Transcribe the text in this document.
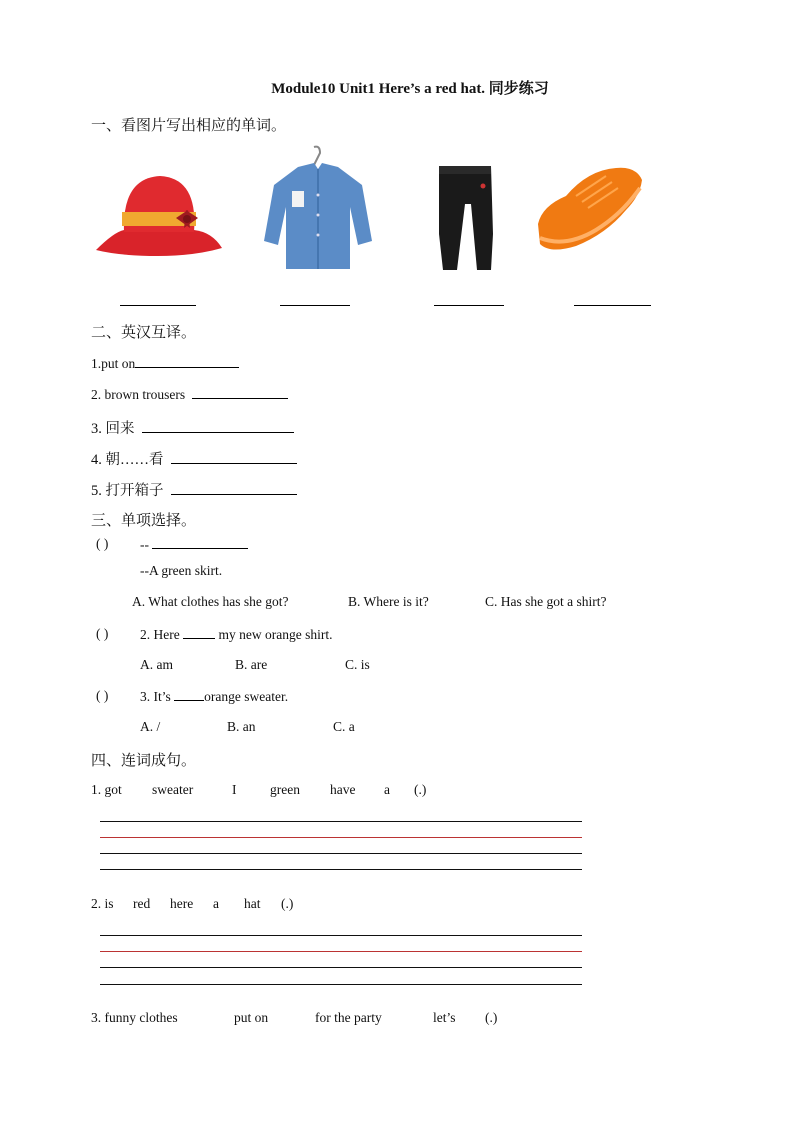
Module10 Unit1 Here’s a red hat. 同步练习
一、看图片写出相应的单词。
二、英汉互译。
1.put on
2. brown trousers
3. 回来
4. 朝……看
5. 打开箱子
三、单项选择。
( ) --
--A green skirt.
A. What clothes has she got?	B. Where is it?	C. Has she got a shirt?
( ) 2. Here	my new orange shirt.
A. am	B. are	C. is
( ) 3. It’s orange sweater.
A. /	B. an	C. a
四、连词成句。
1. got sweater	I green have a (.)
2. is red here a hat (.)
3. funny clothes	put on	for the party	let’s (.)
